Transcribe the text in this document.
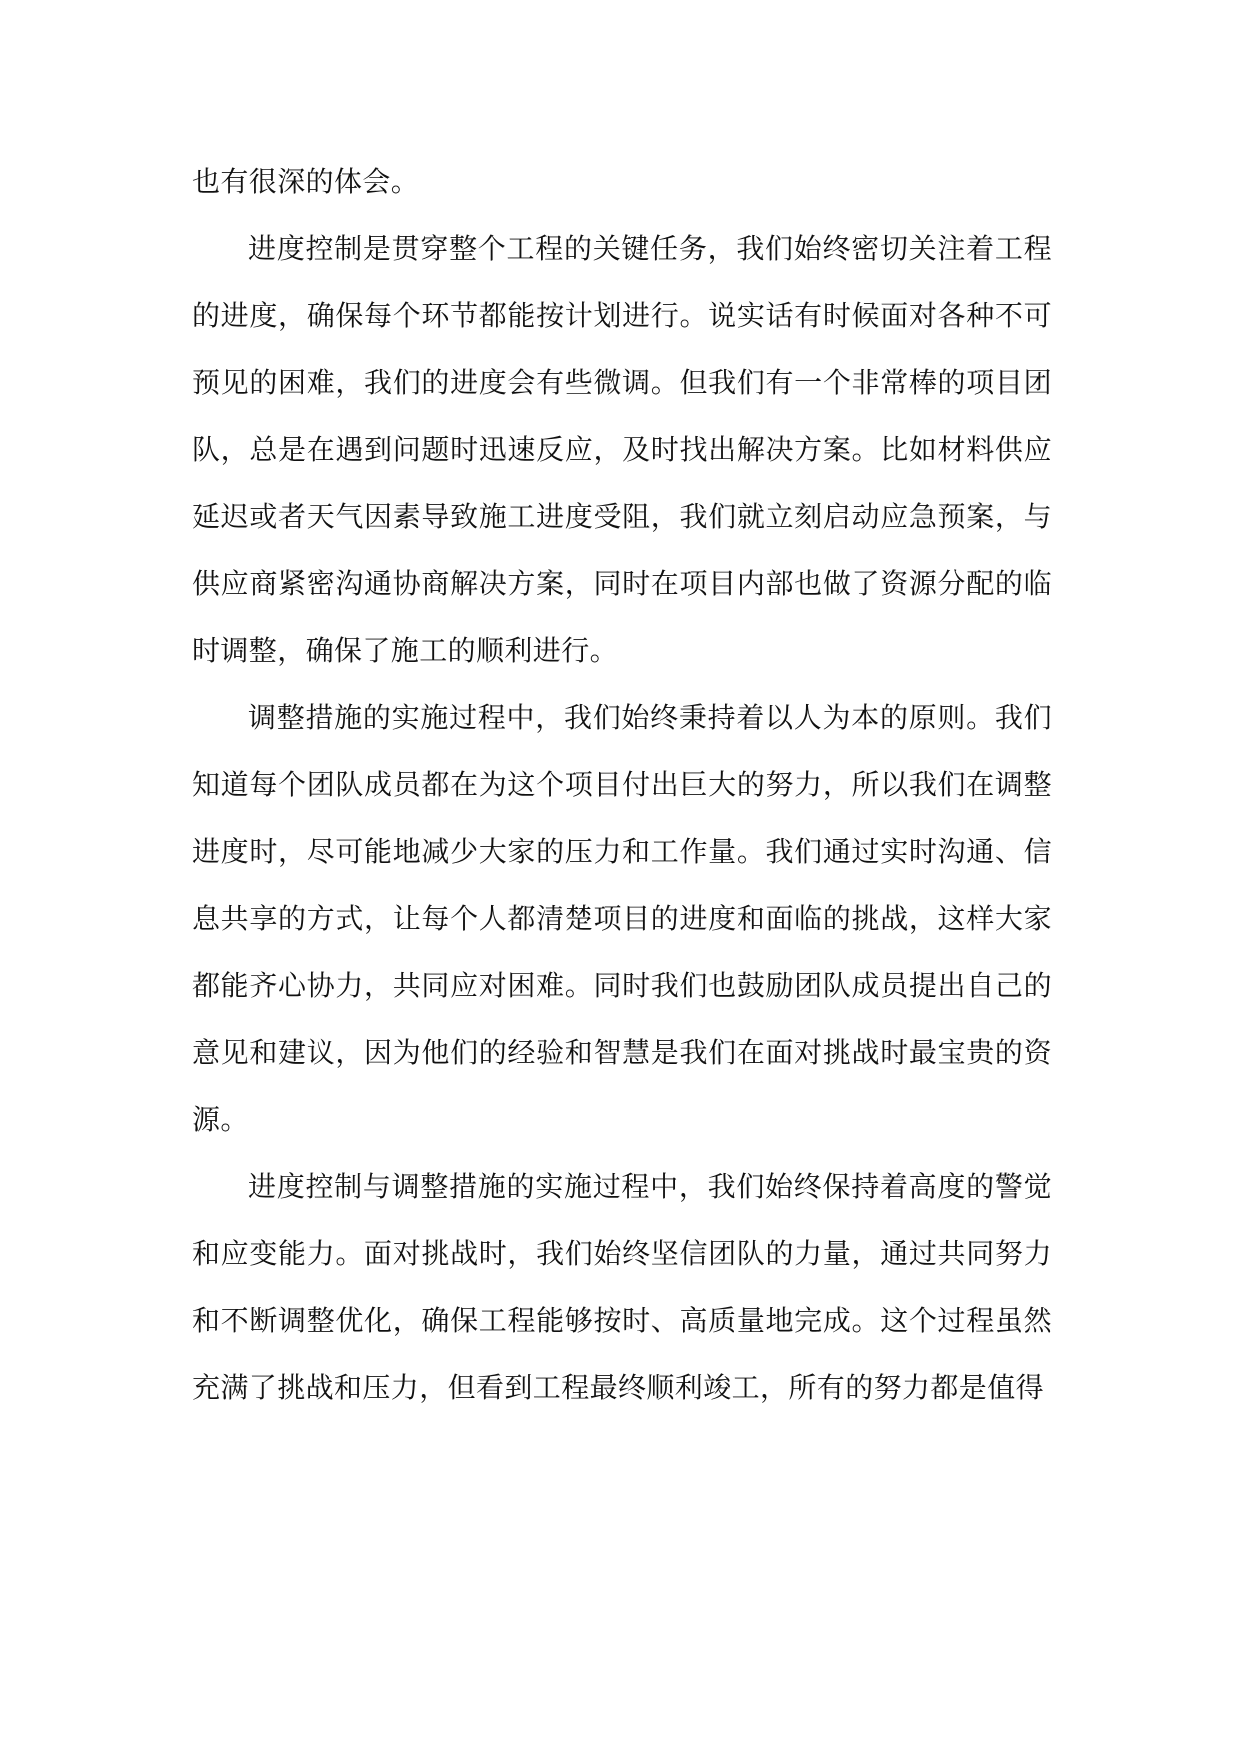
也有很深的体会。

进度控制是贯穿整个工程的关键任务，我们始终密切关注着工程的进度，确保每个环节都能按计划进行。说实话有时候面对各种不可预见的困难，我们的进度会有些微调。但我们有一个非常棒的项目团队，总是在遇到问题时迅速反应，及时找出解决方案。比如材料供应延迟或者天气因素导致施工进度受阻，我们就立刻启动应急预案，与供应商紧密沟通协商解决方案，同时在项目内部也做了资源分配的临时调整，确保了施工的顺利进行。

调整措施的实施过程中，我们始终秉持着以人为本的原则。我们知道每个团队成员都在为这个项目付出巨大的努力，所以我们在调整进度时，尽可能地减少大家的压力和工作量。我们通过实时沟通、信息共享的方式，让每个人都清楚项目的进度和面临的挑战，这样大家都能齐心协力，共同应对困难。同时我们也鼓励团队成员提出自己的意见和建议，因为他们的经验和智慧是我们在面对挑战时最宝贵的资源。

进度控制与调整措施的实施过程中，我们始终保持着高度的警觉和应变能力。面对挑战时，我们始终坚信团队的力量，通过共同努力和不断调整优化，确保工程能够按时、高质量地完成。这个过程虽然充满了挑战和压力，但看到工程最终顺利竣工，所有的努力都是值得
